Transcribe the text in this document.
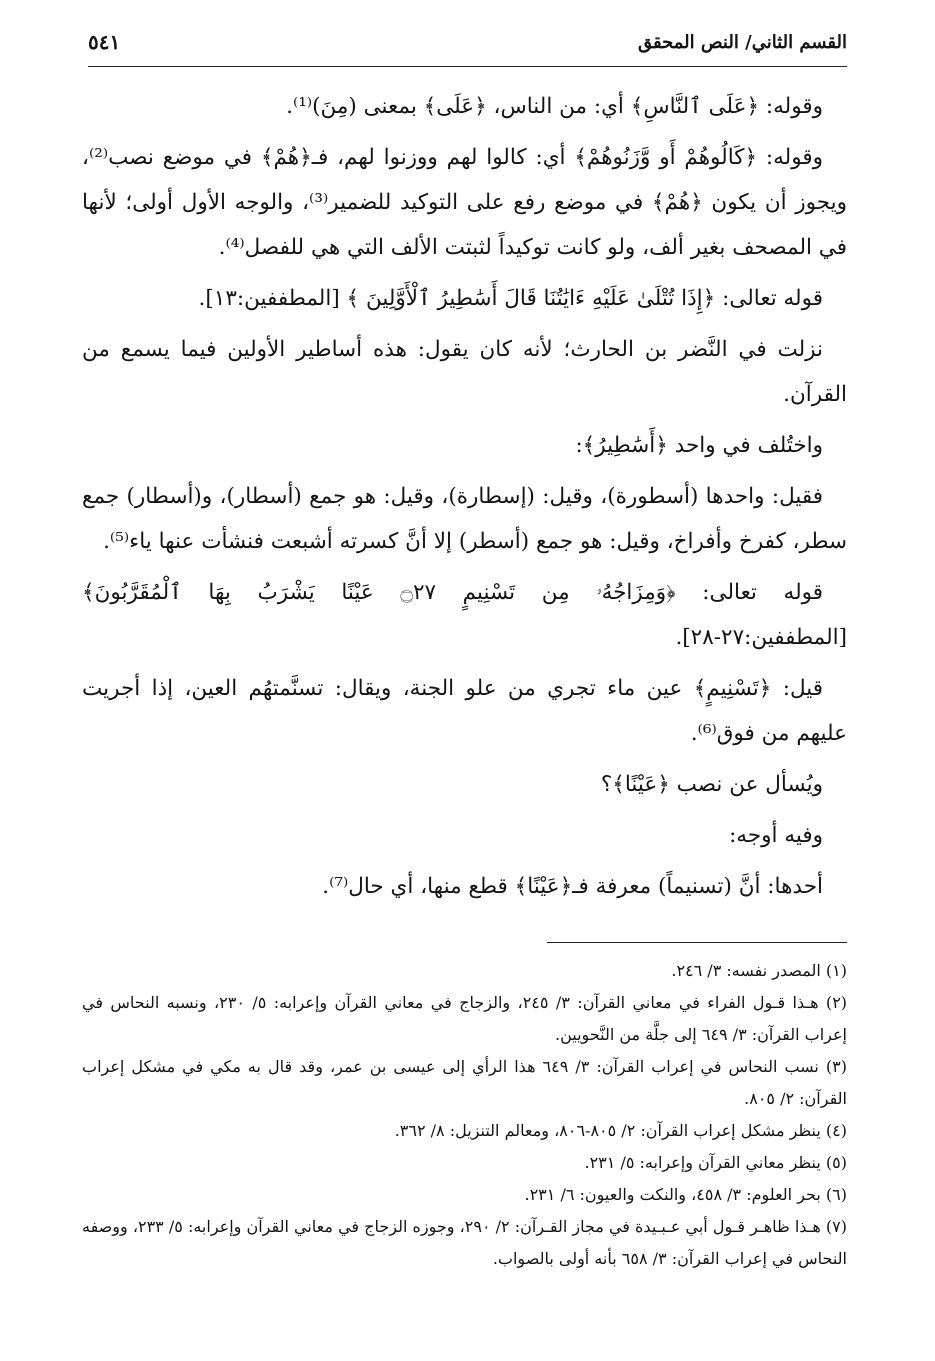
القسم الثاني/ النص المحقق
٥٤١

وقوله: ﴿عَلَى ٱلنَّاسِ﴾ أي: من الناس، ﴿عَلَى﴾ بمعنى (مِنَ)⁽¹⁾.

وقوله: ﴿كَالُوهُمْ أَو وَّزَنُوهُمْ﴾ أي: كالوا لهم ووزنوا لهم، فـ﴿هُمْ﴾ في موضع نصب⁽²⁾، ويجوز أن يكون ﴿هُمْ﴾ في موضع رفع على التوكيد للضمير⁽³⁾، والوجه الأول أولى؛ لأنها في المصحف بغير ألف، ولو كانت توكيداً لثبتت الألف التي هي للفصل⁽⁴⁾.

قوله تعالى: ﴿إِذَا تُتْلَىٰ عَلَيْهِ ءَايَٰتُنَا قَالَ أَسَٰطِيرُ ٱلْأَوَّلِينَ ﴾ [المطففين:١٣].

نزلت في النَّضر بن الحارث؛ لأنه كان يقول: هذه أساطير الأولين فيما يسمع من القرآن.

واختُلف في واحد ﴿أَسَٰطِيرُ﴾:

فقيل: واحدها (أسطورة)، وقيل: (إسطارة)، وقيل: هو جمع (أسطار)، و(أسطار) جمع سطر، كفرخ وأفراخ، وقيل: هو جمع (أسطر) إلا أنَّ كسرته أشبعت فنشأت عنها ياء⁽⁵⁾.

قوله تعالى: ﴿وَمِزَاجُهُۥ مِن تَسْنِيمٍ ۝٢٧ عَيْنًا يَشْرَبُ بِهَا ٱلْمُقَرَّبُونَ﴾ [المطففين:٢٧-٢٨].

قيل: ﴿تَسْنِيمٍ﴾ عين ماء تجري من علو الجنة، ويقال: تسنَّمتهُم العين، إذا أجريت عليهم من فوق⁽⁶⁾.

ويُسأل عن نصب ﴿عَيْنًا﴾؟

وفيه أوجه:

أحدها: أنَّ (تسنيماً) معرفة فـ﴿عَيْنًا﴾ قطع منها، أي حال⁽⁷⁾.

(١) المصدر نفسه: ٣/ ٢٤٦.

(٢) هـذا قـول الفراء في معاني القرآن: ٣/ ٢٤٥، والزجاج في معاني القرآن وإعرابه: ٥/ ٢٣٠، ونسبه النحاس في إعراب القرآن: ٣/ ٦٤٩ إلى جلَّة من النَّحويين.

(٣) نسب النحاس في إعراب القرآن: ٣/ ٦٤٩ هذا الرأي إلى عيسى بن عمر، وقد قال به مكي في مشكل إعراب القرآن: ٢/ ٨٠٥.

(٤) ينظر مشكل إعراب القرآن: ٢/ ٨٠٥-٨٠٦، ومعالم التنزيل: ٨/ ٣٦٢.

(٥) ينظر معاني القرآن وإعرابه: ٥/ ٢٣١.

(٦) بحر العلوم: ٣/ ٤٥٨، والنكت والعيون: ٦/ ٢٣١.

(٧) هـذا ظاهـر قـول أبي عـبـيدة في مجاز القـرآن: ٢/ ٢٩٠، وجوزه الزجاج في معاني القرآن وإعرابه: ٥/ ٢٣٣، ووصفه النحاس في إعراب القرآن: ٣/ ٦٥٨ بأنه أولى بالصواب.
